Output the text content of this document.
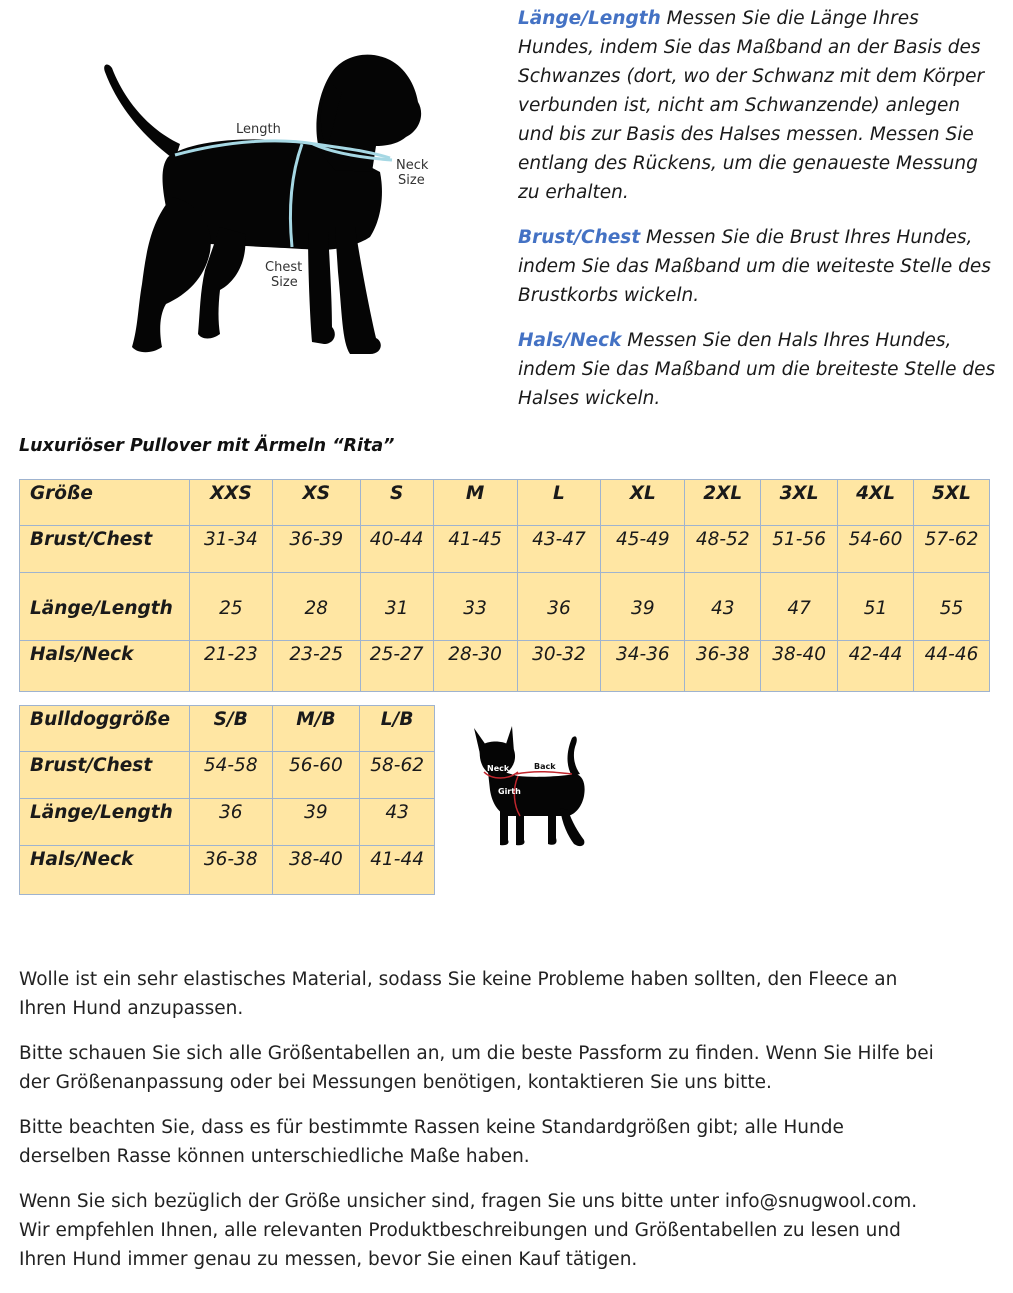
Length
Neck
Size
Chest
Size

Länge/Length Messen Sie die Länge Ihres Hundes, indem Sie das Maßband an der Basis des Schwanzes (dort, wo der Schwanz mit dem Körper verbunden ist, nicht am Schwanzende) anlegen und bis zur Basis des Halses messen. Messen Sie entlang des Rückens, um die genaueste Messung zu erhalten.

Brust/Chest Messen Sie die Brust Ihres Hundes, indem Sie das Maßband um die weiteste Stelle des Brustkorbs wickeln.

Hals/Neck Messen Sie den Hals Ihres Hundes, indem Sie das Maßband um die breiteste Stelle des Halses wickeln.

Luxuriöser Pullover mit Ärmeln “Rita”
Größe	XXS	XS	S	M	L	XL	2XL	3XL	4XL	5XL
Brust/Chest	31-34	36-39	40-44	41-45	43-47	45-49	48-52	51-56	54-60	57-62
Länge/Length	25	28	31	33	36	39	43	47	51	55
Hals/Neck	21-23	23-25	25-27	28-30	30-32	34-36	36-38	38-40	42-44	44-46
Bulldoggröße	S/B	M/B	L/B
Brust/Chest	54-58	56-60	58-62
Länge/Length	36	39	43
Hals/Neck	36-38	38-40	41-44
Neck	Back
Girth

Wolle ist ein sehr elastisches Material, sodass Sie keine Probleme haben sollten, den Fleece an Ihren Hund anzupassen.

Bitte schauen Sie sich alle Größentabellen an, um die beste Passform zu finden. Wenn Sie Hilfe bei der Größenanpassung oder bei Messungen benötigen, kontaktieren Sie uns bitte.

Bitte beachten Sie, dass es für bestimmte Rassen keine Standardgrößen gibt; alle Hunde derselben Rasse können unterschiedliche Maße haben.

Wenn Sie sich bezüglich der Größe unsicher sind, fragen Sie uns bitte unter info@snugwool.com. Wir empfehlen Ihnen, alle relevanten Produktbeschreibungen und Größentabellen zu lesen und Ihren Hund immer genau zu messen, bevor Sie einen Kauf tätigen.
